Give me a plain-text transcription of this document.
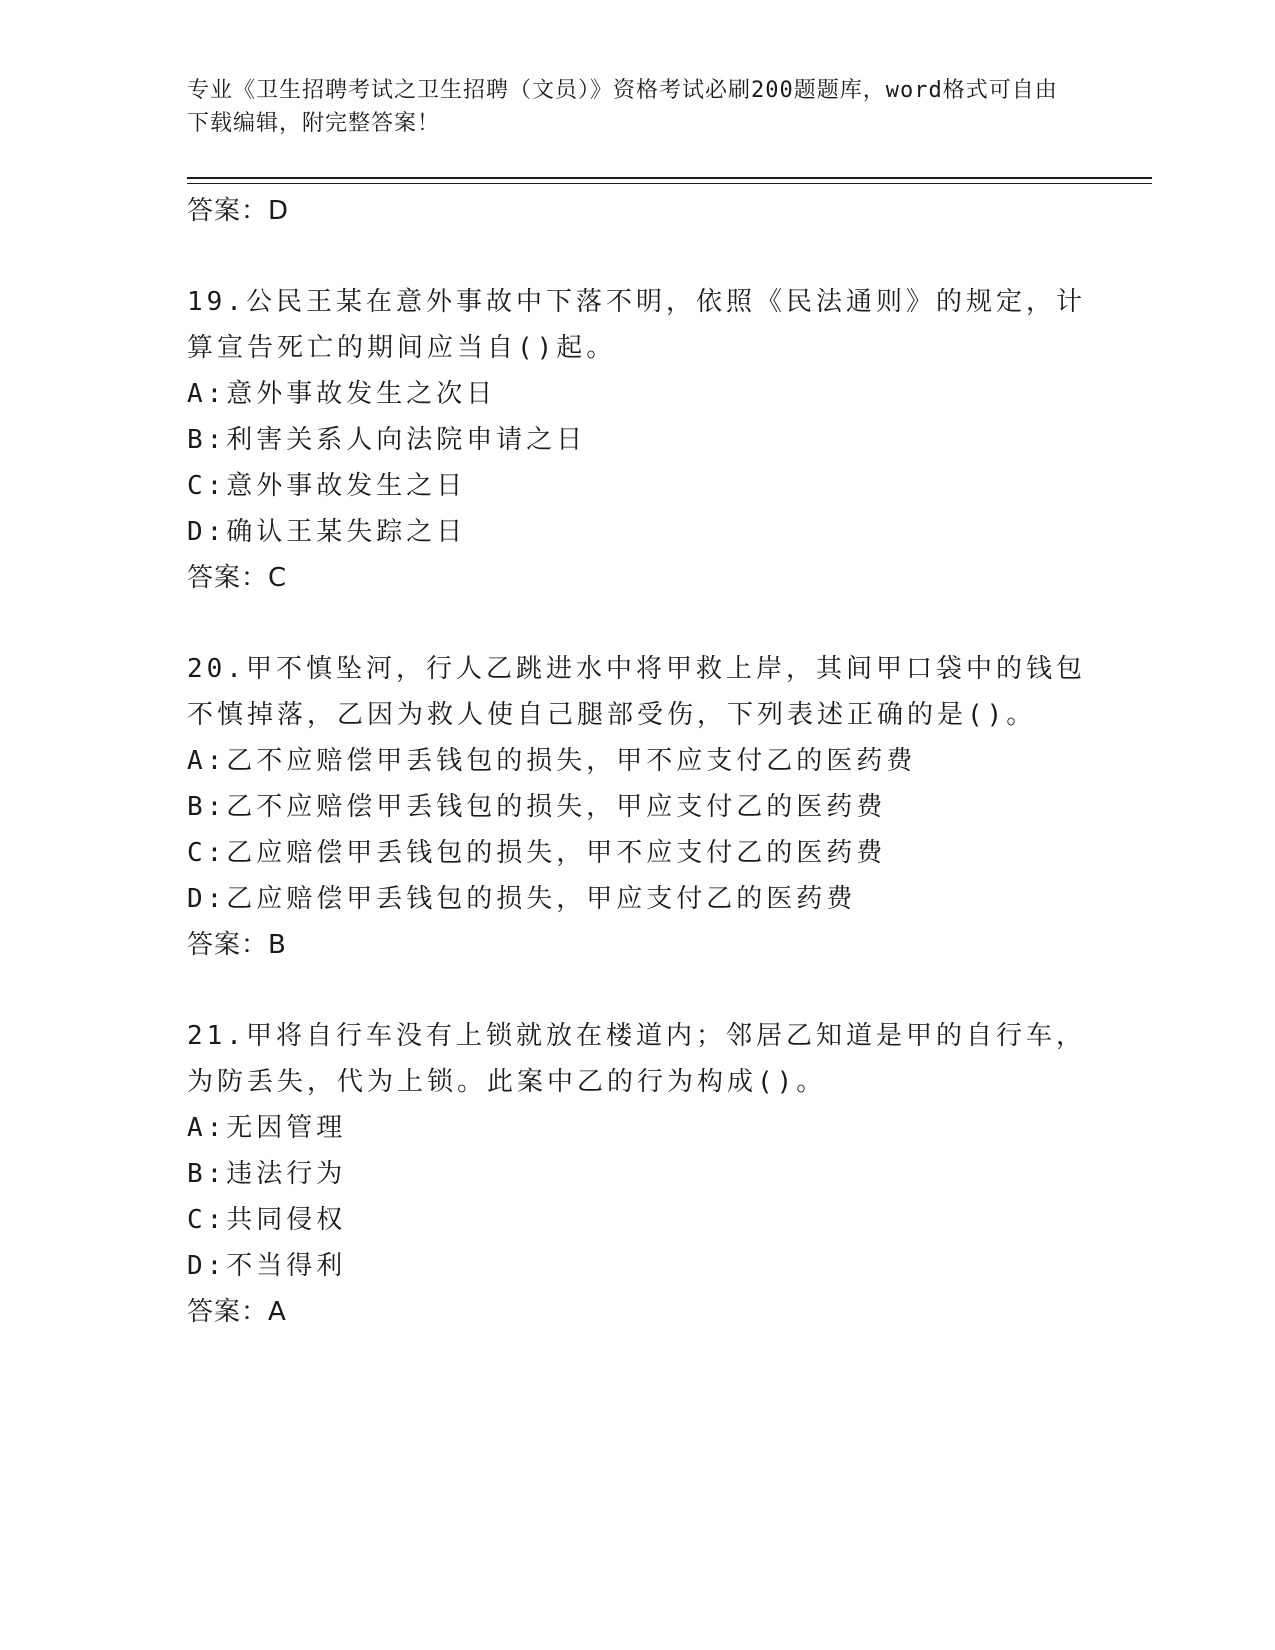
专业《卫生招聘考试之卫生招聘（文员）》资格考试必刷200题题库，word格式可自由下载编辑，附完整答案！
答案：D
19.公民王某在意外事故中下落不明，依照《民法通则》的规定，计算宣告死亡的期间应当自()起。
A:意外事故发生之次日
B:利害关系人向法院申请之日
C:意外事故发生之日
D:确认王某失踪之日
答案：C
20.甲不慎坠河，行人乙跳进水中将甲救上岸，其间甲口袋中的钱包不慎掉落，乙因为救人使自己腿部受伤，下列表述正确的是()。
A:乙不应赔偿甲丢钱包的损失，甲不应支付乙的医药费
B:乙不应赔偿甲丢钱包的损失，甲应支付乙的医药费
C:乙应赔偿甲丢钱包的损失，甲不应支付乙的医药费
D:乙应赔偿甲丢钱包的损失，甲应支付乙的医药费
答案：B
21.甲将自行车没有上锁就放在楼道内；邻居乙知道是甲的自行车，为防丢失，代为上锁。此案中乙的行为构成()。
A:无因管理
B:违法行为
C:共同侵权
D:不当得利
答案：A
